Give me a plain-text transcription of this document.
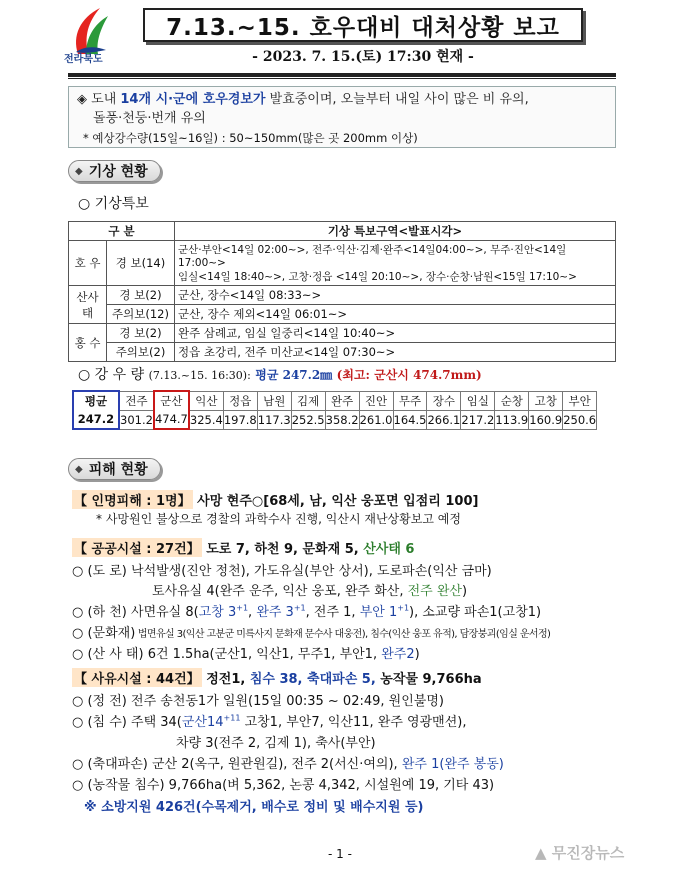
전라북도
7.13.~15. 호우대비 대처상황 보고
- 2023. 7. 15.(토) 17:30 현재 -
◈ 도내 14개 시·군에 호우경보가 발효중이며, 오늘부터 내일 사이 많은 비 유의,
돌풍·천둥·번개 유의
* 예상강수량(15일~16일) : 50~150mm(많은 곳 200mm 이상)
◆ 기상 현황
○ 기상특보
구 분		기상 특보구역<발표시각>
호 우	경 보(14)	군산·부안<14일 02:00~>, 전주·익산·김제·완주<14일04:00~>, 무주·진안<14일 17:00~>
임실<14일 18:40~>, 고창·정읍 <14일 20:10~>, 장수·순창·남원<15일 17:10~>

산사태	경 보(2)	군산, 장수<14일 08:33~>
	주의보(12)	군산, 장수 제외<14일 06:01~>
홍 수	경 보(2)	완주 삼례교, 임실 일중리<14일 10:40~>
	주의보(2)	정읍 초강리, 전주 미산교<14일 07:30~>
○ 강 우 량 (7.13.~15. 16:30): 평균 247.2㎜ (최고: 군산시 474.7mm)
평균	전주	군산	익산	정읍	남원	김제	완주	진안	무주	장수	임실	순창	고창	부안
247.2	301.2	474.7	325.4	197.8	117.3	252.5	358.2	261.0	164.5	266.1	217.2	113.9	160.9	250.6
◆ 피해 현황
【 인명피해 : 1명】 사망 현주○[68세, 남, 익산 웅포면 입점리 100]
* 사망원인 불상으로 경찰의 과학수사 진행, 익산시 재난상황보고 예정
【 공공시설 : 27건】 도로 7, 하천 9, 문화재 5, 산사태 6
○ (도 로) 낙석발생(진안 정천), 가도유실(부안 상서), 도로파손(익산 금마)
토사유실 4(완주 운주, 익산 웅포, 완주 화산, 전주 완산)
○ (하 천) 사면유실 8(고창 $3^{+1}$, 완주 $3^{+1}$, 전주 1, 부안 $1^{+1}$), 소교량 파손1(고창1)
○ (문화재) 법면유실 3(익산 고분군 미륵사지 문화재 문수사 대웅전), 침수(익산 웅포 유적), 담장붕괴(임실 운서정)
○ (산 사 태) 6건 1.5ha(군산1, 익산1, 무주1, 부안1, 완주2)
【 사유시설 : 44건】 정전1, 침수 38, 축대파손 5, 농작물 9,766ha
○ (정 전) 전주 송천동1가 일원(15일 00:35 ~ 02:49, 원인불명)
○ (침 수) 주택 34(군산$14^{+11}$ 고창1, 부안7, 익산11, 완주 영광맨션),
차량 3(전주 2, 김제 1), 축사(부안)
○ (축대파손) 군산 2(옥구, 원관원길), 전주 2(서신·여의), 완주 1(완주 봉동)
○ (농작물 침수) 9,766ha(벼 5,362, 논콩 4,342, 시설원예 19, 기타 43)
※ 소방지원 426건(수목제거, 배수로 정비 및 배수지원 등)
- 1 -	▲ 무진장뉴스
